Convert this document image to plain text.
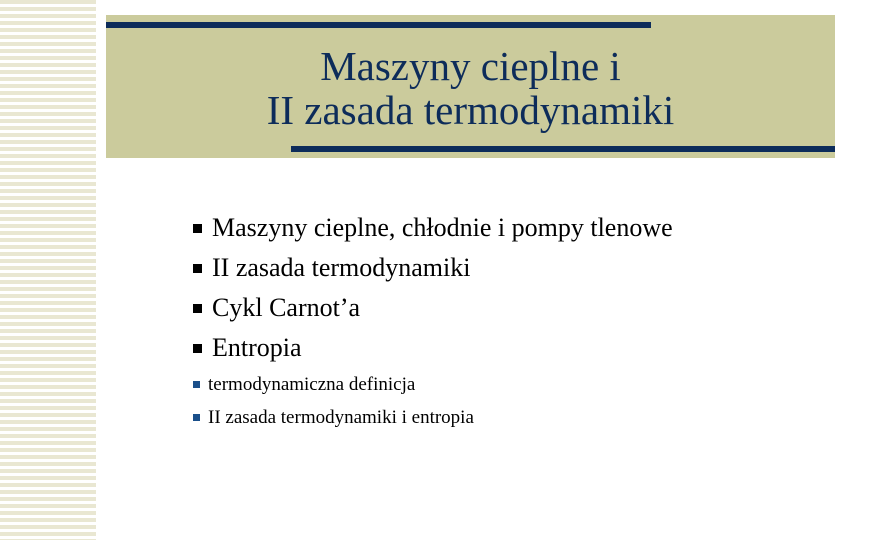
Maszyny cieplne i
II zasada termodynamiki
Maszyny cieplne, chłodnie i pompy tlenowe
II zasada termodynamiki
Cykl Carnot’a
Entropia
termodynamiczna definicja
II zasada termodynamiki i entropia
